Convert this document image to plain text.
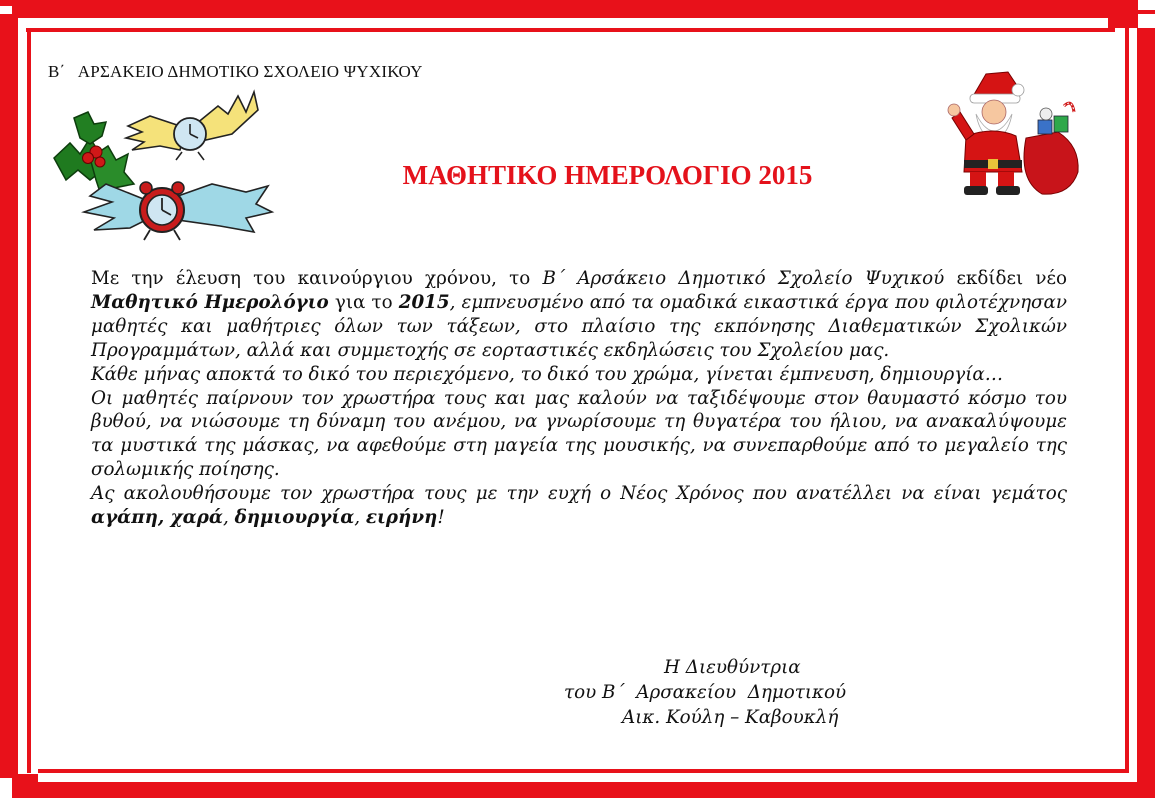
Β΄   ΑΡΣΑΚΕΙΟ ΔΗΜΟΤΙΚΟ ΣΧΟΛΕΙΟ ΨΥΧΙΚΟΥ
ΜΑΘΗΤΙΚΟ ΗΜΕΡΟΛΟΓΙΟ 2015

Με την έλευση του καινούργιου χρόνου, το Β΄ Αρσάκειο Δημοτικό Σχολείο Ψυχικού εκδίδει νέο Μαθητικό Ημερολόγιο για το 2015, εμπνευσμένο από τα ομαδικά εικαστικά έργα που φιλοτέχνησαν μαθητές και μαθήτριες όλων των τάξεων, στο πλαίσιο της εκπόνησης Διαθεματικών Σχολικών Προγραμμάτων, αλλά και συμμετοχής σε εορταστικές εκδηλώσεις του Σχολείου μας.

Κάθε μήνας αποκτά το δικό του περιεχόμενο, το δικό του χρώμα, γίνεται έμπνευση, δημιουργία…

Οι μαθητές παίρνουν τον χρωστήρα τους και μας καλούν να ταξιδέψουμε στον θαυμαστό κόσμο του βυθού, να νιώσουμε τη δύναμη του ανέμου, να γνωρίσουμε τη θυγατέρα του ήλιου, να ανακαλύψουμε τα μυστικά της μάσκας, να αφεθούμε στη μαγεία της μουσικής, να συνεπαρθούμε από το μεγαλείο της σολωμικής ποίησης.

Ας ακολουθήσουμε τον χρωστήρα τους με την ευχή ο Νέος Χρόνος που ανατέλλει να είναι γεμάτος αγάπη, χαρά, δημιουργία, ειρήνη!

Η Διευθύντρια
του Β΄  Αρσακείου  Δημοτικού
Αικ. Κούλη – Καβουκλή
